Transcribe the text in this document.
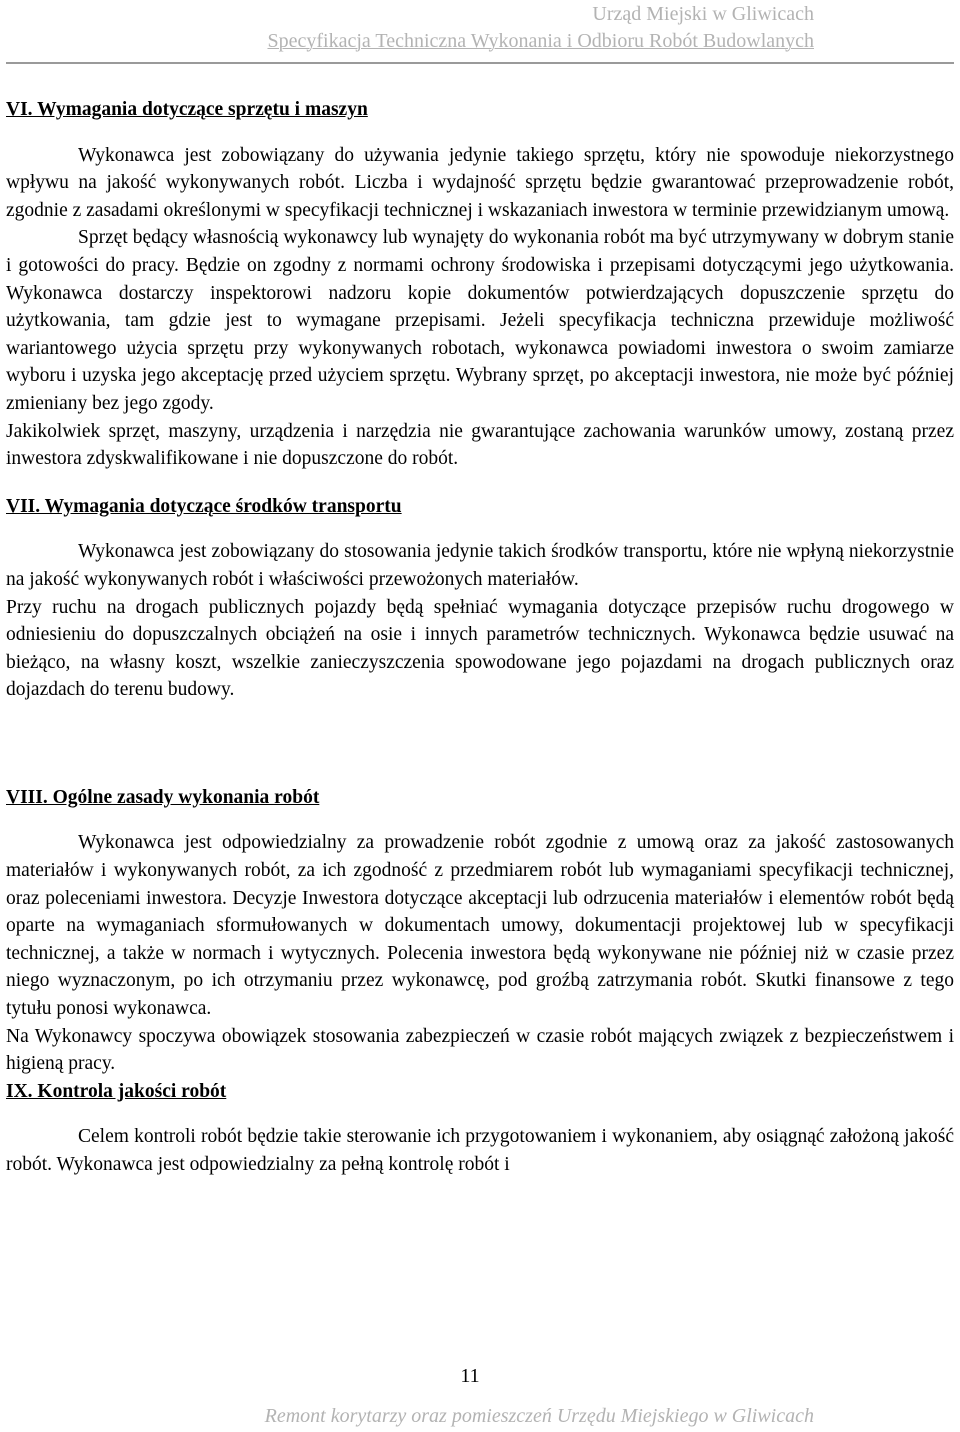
Urząd Miejski w Gliwicach
Specyfikacja Techniczna Wykonania i Odbioru Robót Budowlanych

VI. Wymagania dotyczące sprzętu i maszyn

Wykonawca jest zobowiązany do używania jedynie takiego sprzętu, który nie spowoduje niekorzystnego wpływu na jakość wykonywanych robót. Liczba i wydajność sprzętu będzie gwarantować przeprowadzenie robót, zgodnie z zasadami określonymi w specyfikacji technicznej i wskazaniach inwestora w terminie przewidzianym umową.

Sprzęt będący własnością wykonawcy lub wynajęty do wykonania robót ma być utrzymywany w dobrym stanie i gotowości do pracy. Będzie on zgodny z normami ochrony środowiska i przepisami dotyczącymi jego użytkowania. Wykonawca dostarczy inspektorowi nadzoru kopie dokumentów potwierdzających dopuszczenie sprzętu do użytkowania, tam gdzie jest to wymagane przepisami. Jeżeli specyfikacja techniczna przewiduje możliwość wariantowego użycia sprzętu przy wykonywanych robotach, wykonawca powiadomi inwestora o swoim zamiarze wyboru i uzyska jego akceptację przed użyciem sprzętu. Wybrany sprzęt, po akceptacji inwestora, nie może być później zmieniany bez jego zgody.

Jakikolwiek sprzęt, maszyny, urządzenia i narzędzia nie gwarantujące zachowania warunków umowy, zostaną przez inwestora zdyskwalifikowane i nie dopuszczone do robót.

VII. Wymagania dotyczące środków transportu

Wykonawca jest zobowiązany do stosowania jedynie takich środków transportu, które nie wpłyną niekorzystnie na jakość wykonywanych robót i właściwości przewożonych materiałów.

Przy ruchu na drogach publicznych pojazdy będą spełniać wymagania dotyczące przepisów ruchu drogowego w odniesieniu do dopuszczalnych obciążeń na osie i innych parametrów technicznych. Wykonawca będzie usuwać na bieżąco, na własny koszt, wszelkie zanieczyszczenia spowodowane jego pojazdami na drogach publicznych oraz dojazdach do terenu budowy.

VIII. Ogólne zasady wykonania robót

Wykonawca jest odpowiedzialny za prowadzenie robót zgodnie z umową oraz za jakość zastosowanych materiałów i wykonywanych robót, za ich zgodność z przedmiarem robót lub wymaganiami specyfikacji technicznej, oraz poleceniami inwestora. Decyzje Inwestora dotyczące akceptacji lub odrzucenia materiałów i elementów robót będą oparte na wymaganiach sformułowanych w dokumentach umowy, dokumentacji projektowej lub w specyfikacji technicznej, a także w normach i wytycznych. Polecenia inwestora będą wykonywane nie później niż w czasie przez niego wyznaczonym, po ich otrzymaniu przez wykonawcę, pod groźbą zatrzymania robót. Skutki finansowe z tego tytułu ponosi wykonawca.

Na Wykonawcy spoczywa obowiązek stosowania zabezpieczeń w czasie robót mających związek z bezpieczeństwem i higieną pracy.

IX. Kontrola jakości robót

Celem kontroli robót będzie takie sterowanie ich przygotowaniem i wykonaniem, aby osiągnąć założoną jakość robót. Wykonawca jest odpowiedzialny za pełną kontrolę robót i

11
Remont korytarzy oraz pomieszczeń Urzędu Miejskiego w Gliwicach
